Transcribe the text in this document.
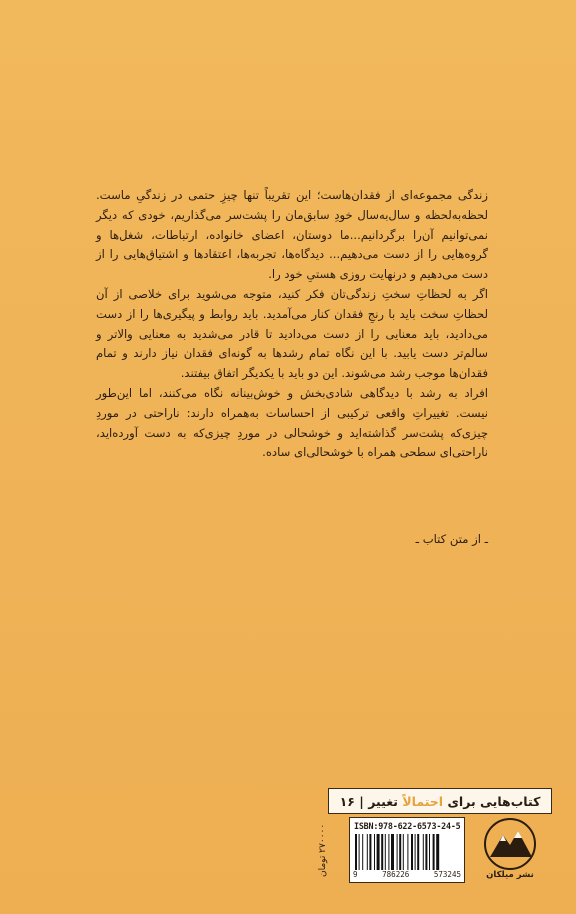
زندگی مجموعه‌ای از فقدان‌هاست؛ این تقریباً تنها چیزِ حتمی در زندگیِ ماست. لحظه‌به‌لحظه و سال‌به‌سال خودِ سابق‌مان را پشت‌سر می‌گذاریم، خودی که دیگر نمی‌توانیم آن‌را برگردانیم...ما دوستان، اعضای خانواده، ارتباطات، شغل‌ها و گروه‌هایی را از دست می‌دهیم... دیدگاه‌ها، تجربه‌ها، اعتقادها و اشتیاق‌هایی را از دست می‌دهیم و درنهایت روزی هستیِ خود را.

اگر به لحظاتِ سختِ زندگی‌تان فکر کنید، متوجه می‌شوید برای خلاصی از آن لحظاتِ سخت باید با رنجِ فقدان کنار می‌آمدید. باید روابط و پیگیری‌ها را از دست می‌دادید، باید معنایی را از دست می‌دادید تا قادر می‌شدید به معنایی والاتر و سالم‌تر دست یابید. با این نگاه تمام رشدها به گونه‌ای فقدان نیاز دارند و تمام فقدان‌ها موجب رشد می‌شوند. این دو باید با یکدیگر اتفاق بیفتند.

افراد به رشد با دیدگاهی شادی‌بخش و خوش‌بینانه نگاه می‌کنند، اما این‌طور نیست. تغییراتِ واقعی ترکیبی از احساسات به‌همراه دارند: ناراحتی در موردِ چیزی‌که پشت‌سر گذاشته‌اید و خوشحالی در موردِ چیزی‌که به دست آورده‌اید، ناراحتی‌ای سطحی همراه با خوشحالی‌ای ساده.

ـ از متن کتاب ـ
کتاب‌هایی برای

احتمالاً

تغییر
|
۱۶
۲۷۰۰۰۰ تومان	ISBN:978-622-6573-24-5
9	786226	573245	نشر میلکان
